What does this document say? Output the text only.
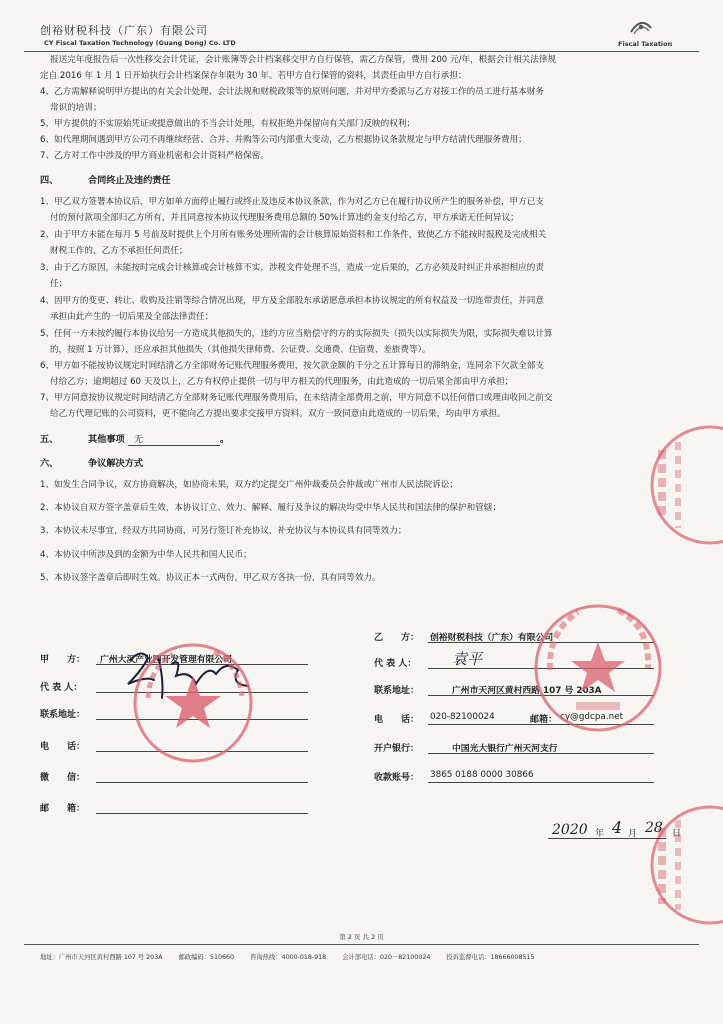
创裕财税科技（广东）有限公司
CY Fiscal Taxation Technology (Guang Dong) Co. LTD	Fiscal Taxation
报送完年度报告后一次性移交会计凭证，会计账簿等会计档案移交甲方自行保管，需乙方保管，费用 200 元/年，根据会计相关法律规
定自 2016 年 1 月 1 日开始执行会计档案保存年限为 30 年。若甲方自行保管的资料，其责任由甲方自行承担；
4、乙方需解释说明甲方提出的有关会计处理、会计法规和财税政策等的原则问题，并对甲方委派与乙方对接工作的员工进行基本财务
常识的培训；
5、甲方提供的不实原始凭证或提意做出的不当会计处理，有权拒绝并保留向有关部门反映的权利；
6、如代理期间遇到甲方公司不再继续经营、合并、并购等公司内部重大变动，乙方根据协议条款规定与甲方结清代理服务费用；
7、乙方对工作中涉及的甲方商业机密和会计资料严格保密。
四、	合同终止及违约责任
1、甲乙双方签署本协议后，甲方如单方面停止履行或终止及违反本协议条款，作为对乙方已在履行协议所产生的服务补偿，甲方已支
付的预付款项全部归乙方所有，并且同意按本协议代理服务费用总额的 50%计算违约金支付给乙方，甲方承诺无任何异议；
2、由于甲方未能在每月 5 号前及时提供上个月所有账务处理所需的会计核算原始资料和工作条件，致使乙方不能按时报税及完成相关
财税工作的，乙方不承担任何责任；
3、由于乙方原因，未能按时完成会计核算或会计核算不实，涉税文件处理不当，造成一定后果的，乙方必须及时纠正并承担相应的责
任；
4、因甲方的变更、转让、收购及注销等综合情况出现，甲方及全部股东承诺愿意承担本协议规定的所有权益及一切连带责任，并同意
承担由此产生的一切后果及全部法律责任；
5、任何一方未按约履行本协议给另一方造成其他损失的，违约方应当赔偿守约方的实际损失（损失以实际损失为限，实际损失难以计算
的，按照 1 万计算），还应承担其他损失（其他损失律师费、公证费、交通费、住宿费、差旅费等）。
6、甲方如不能按协议规定时间结清乙方全部财务记账代理服务费用，按欠款金额的千分之五计算每日的滞纳金，连同余下欠款全部支
付给乙方；逾期超过 60 天及以上，乙方有权停止提供一切与甲方相关的代理服务，由此造成的一切后果全部由甲方承担；
7、甲方同意按协议规定时间结清乙方全部财务记账代理服务费用后，在未结清全部费用之前，甲方同意不以任何借口或理由收回之前交
给乙方代理记账的公司资料，更不能向乙方提出要求交接甲方资料。双方一致同意由此造成的一切后果，均由甲方承担。
五、	其他事项 无	。
六、	争议解决方式
1、如发生合同争议，双方协商解决，如协商未果，双方约定提交广州仲裁委员会仲裁或广州市人民法院诉讼；
2、本协议自双方签字盖章后生效，本协议订立、效力、解释、履行及争议的解决均受中华人民共和国法律的保护和管辖；
3、本协议未尽事宜，经双方共同协商，可另行签订补充协议，补充协议与本协议具有同等效力；
4、本协议中所涉及到的金额为中华人民共和国人民币；
5、本协议签字盖章后即时生效。协议正本一式两份，甲乙双方各执一份，具有同等效力。
甲　　方： 广州大汉产业园开发管理有限公司
代 表 人：
联系地址：
电　　话：
微　　信：
邮　　箱：
乙　　方： 创裕财税科技（广东）有限公司
代 表 人： 袁平
联系地址：	广州市天河区黄村西路 107 号 203A
电　　话： 020-82100024	邮箱： cy@gdcpa.net
开户银行：	中国光大银行广州天河支行
收款账号： 3865 0188 0000 30866
2020 年 4 月 28 日
第 2 页 共 2 页
地址：广州市天河区黄村西路 107 号 203A	邮政编码：510660	咨询热线：4000-018-918	会计部电话：020－82100024	投诉监督电话：18666008515
